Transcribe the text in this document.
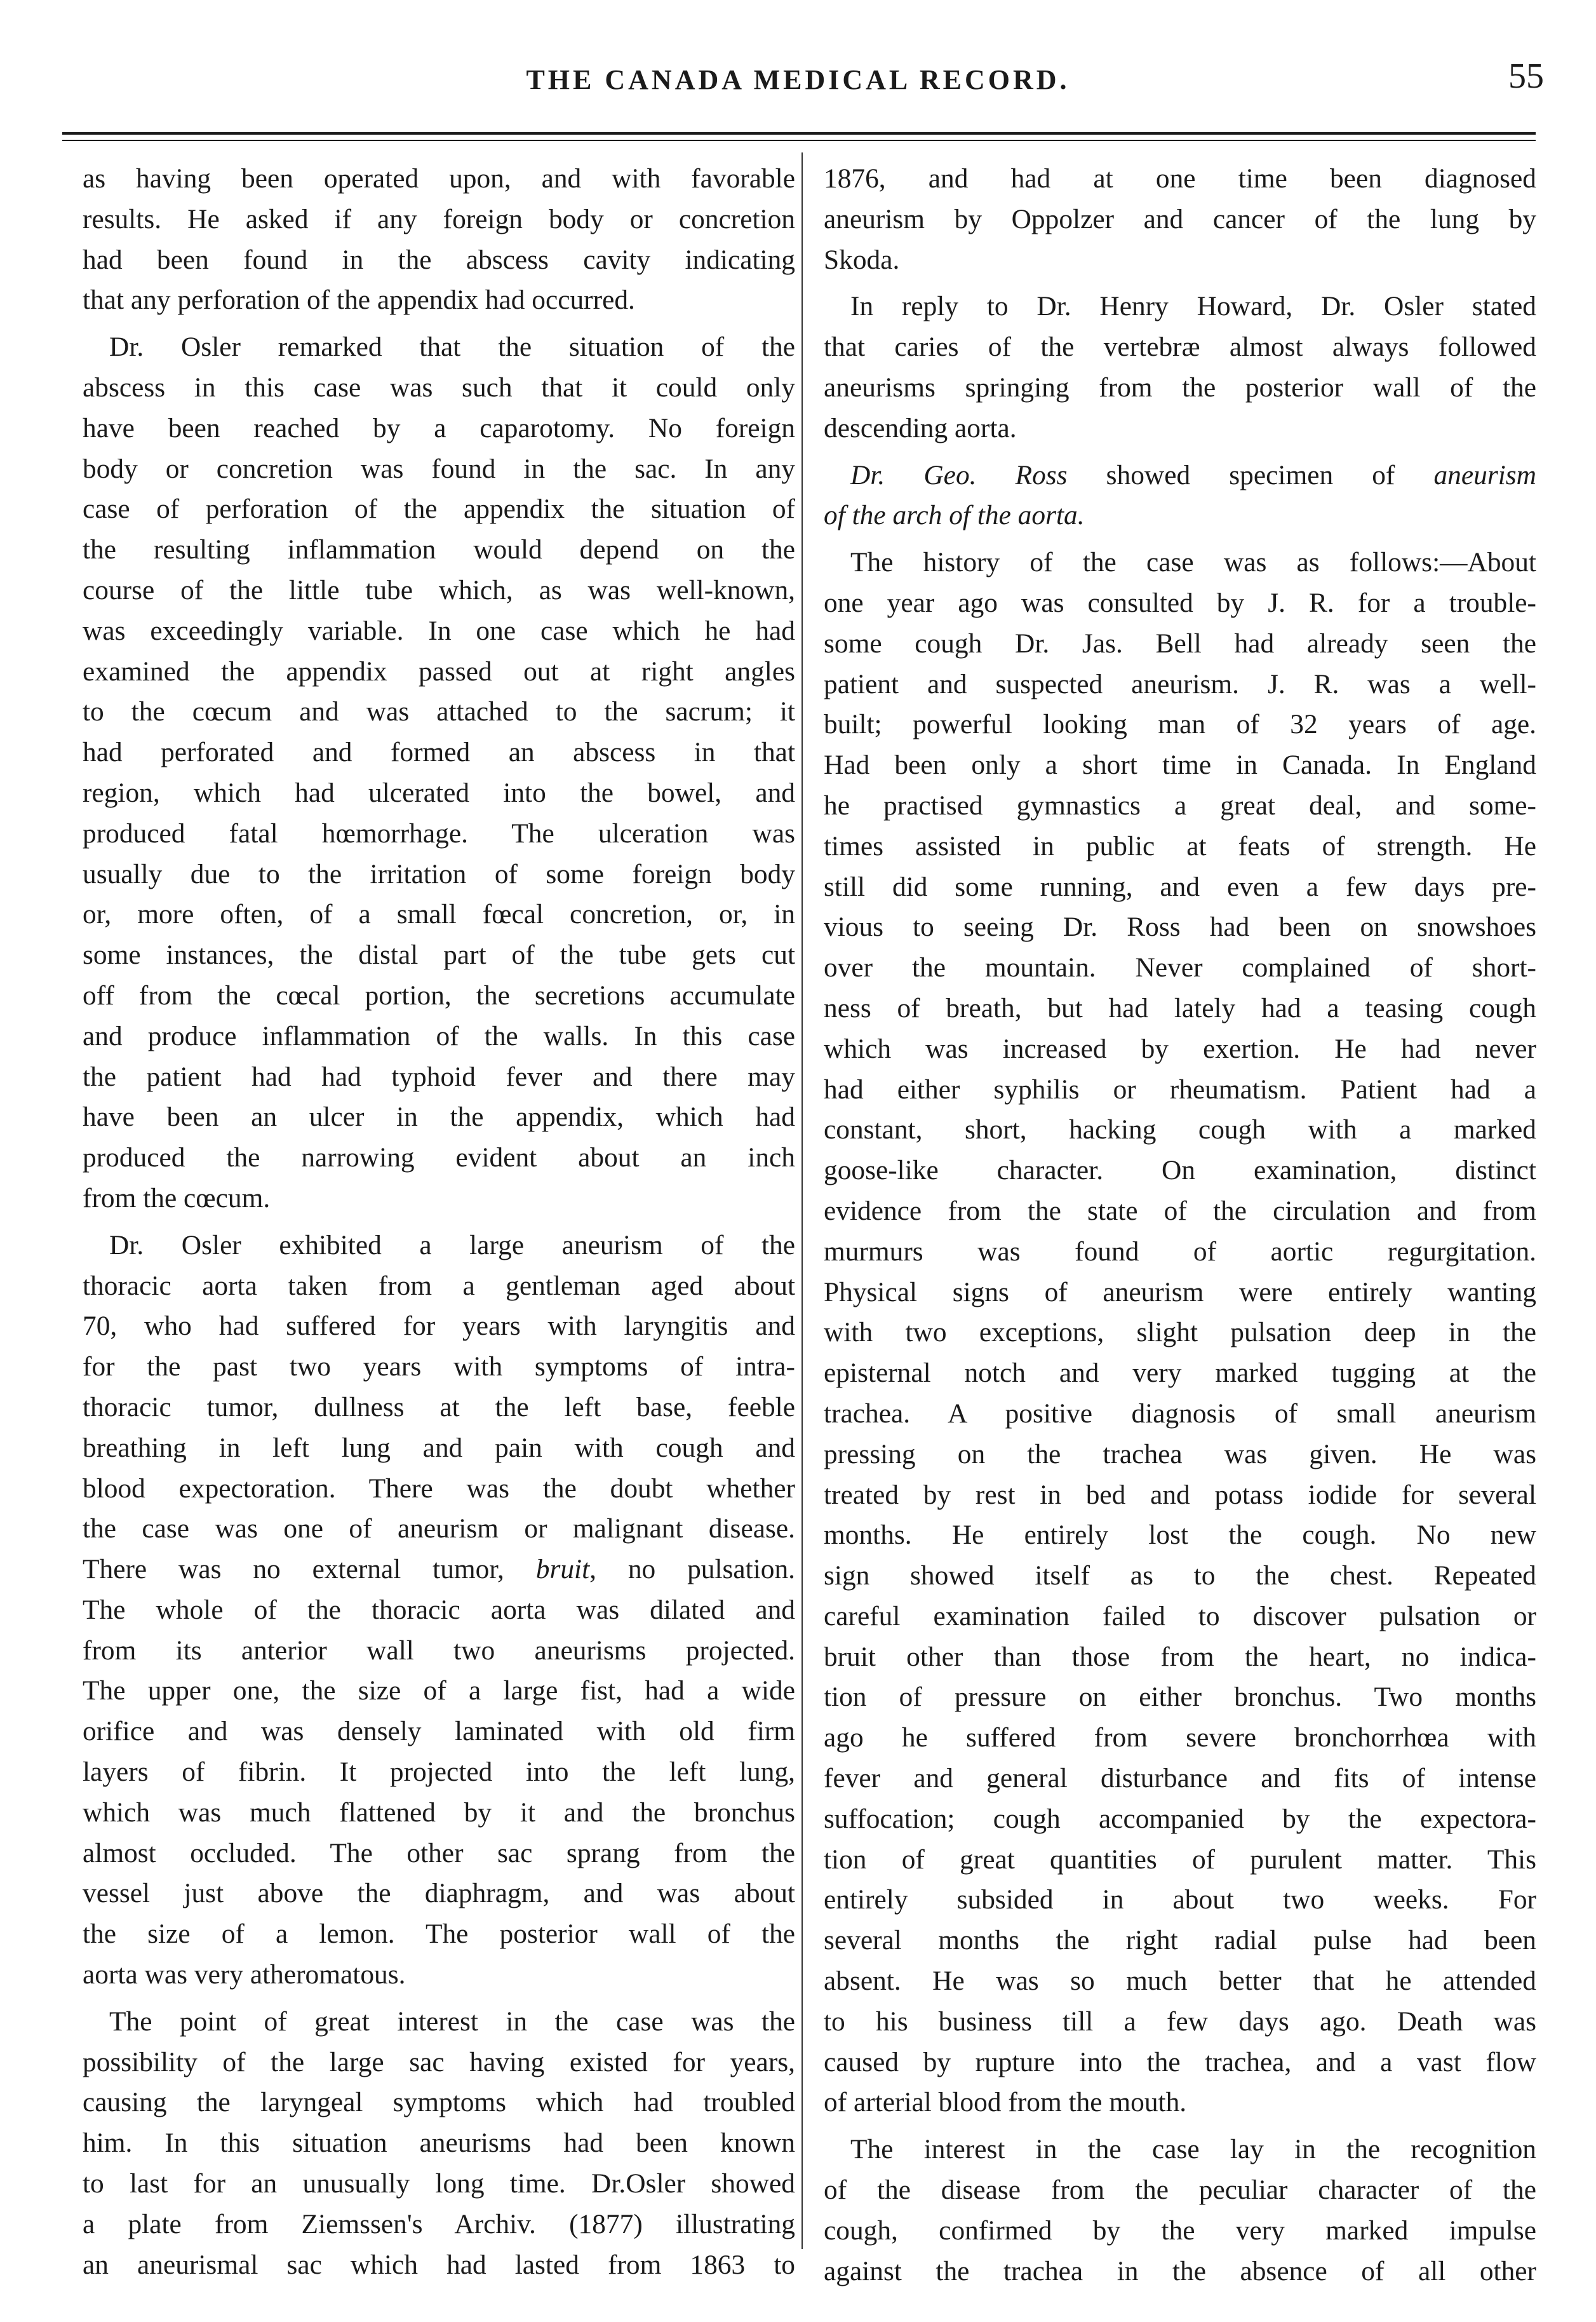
THE CANADA MEDICAL RECORD.	55
as having been operated upon, and with favorable
results. He asked if any foreign body or concretion
had been found in the abscess cavity indicating
that any perforation of the appendix had occurred.
Dr. Osler remarked that the situation of the
abscess in this case was such that it could only
have been reached by a caparotomy. No foreign
body or concretion was found in the sac. In any
case of perforation of the appendix the situation of
the resulting inflammation would depend on the
course of the little tube which, as was well-known,
was exceedingly variable. In one case which he had
examined the appendix passed out at right angles
to the cœcum and was attached to the sacrum; it
had perforated and formed an abscess in that
region, which had ulcerated into the bowel, and
produced fatal hœmorrhage. The ulceration was
usually due to the irritation of some foreign body
or, more often, of a small fœcal concretion, or, in
some instances, the distal part of the tube gets cut
off from the cœcal portion, the secretions accumulate
and produce inflammation of the walls. In this case
the patient had had typhoid fever and there may
have been an ulcer in the appendix, which had
produced the narrowing evident about an inch
from the cœcum.
Dr. Osler exhibited a large aneurism of the
thoracic aorta taken from a gentleman aged about
70, who had suffered for years with laryngitis and
for the past two years with symptoms of intra-
thoracic tumor, dullness at the left base, feeble
breathing in left lung and pain with cough and
blood expectoration. There was the doubt whether
the case was one of aneurism or malignant disease.
There was no external tumor, bruit, no pulsation.
The whole of the thoracic aorta was dilated and
from its anterior wall two aneurisms projected.
The upper one, the size of a large fist, had a wide
orifice and was densely laminated with old firm
layers of fibrin. It projected into the left lung,
which was much flattened by it and the bronchus
almost occluded. The other sac sprang from the
vessel just above the diaphragm, and was about
the size of a lemon. The posterior wall of the
aorta was very atheromatous.
The point of great interest in the case was the
possibility of the large sac having existed for years,
causing the laryngeal symptoms which had troubled
him. In this situation aneurisms had been known
to last for an unusually long time. Dr.Osler showed
a plate from Ziemssen's Archiv. (1877) illustrating
an aneurismal sac which had lasted from 1863 to
1876, and had at one time been diagnosed
aneurism by Oppolzer and cancer of the lung by
Skoda.
In reply to Dr. Henry Howard, Dr. Osler stated
that caries of the vertebræ almost always followed
aneurisms springing from the posterior wall of the
descending aorta.
Dr. Geo. Ross showed specimen of aneurism
of the arch of the aorta.
The history of the case was as follows:—About
one year ago was consulted by J. R. for a trouble-
some cough Dr. Jas. Bell had already seen the
patient and suspected aneurism. J. R. was a well-
built; powerful looking man of 32 years of age.
Had been only a short time in Canada. In England
he practised gymnastics a great deal, and some-
times assisted in public at feats of strength. He
still did some running, and even a few days pre-
vious to seeing Dr. Ross had been on snowshoes
over the mountain. Never complained of short-
ness of breath, but had lately had a teasing cough
which was increased by exertion. He had never
had either syphilis or rheumatism. Patient had a
constant, short, hacking cough with a marked
goose-like character. On examination, distinct
evidence from the state of the circulation and from
murmurs was found of aortic regurgitation.
Physical signs of aneurism were entirely wanting
with two exceptions, slight pulsation deep in the
episternal notch and very marked tugging at the
trachea. A positive diagnosis of small aneurism
pressing on the trachea was given. He was
treated by rest in bed and potass iodide for several
months. He entirely lost the cough. No new
sign showed itself as to the chest. Repeated
careful examination failed to discover pulsation or
bruit other than those from the heart, no indica-
tion of pressure on either bronchus. Two months
ago he suffered from severe bronchorrhœa with
fever and general disturbance and fits of intense
suffocation; cough accompanied by the expectora-
tion of great quantities of purulent matter. This
entirely subsided in about two weeks. For
several months the right radial pulse had been
absent. He was so much better that he attended
to his business till a few days ago. Death was
caused by rupture into the trachea, and a vast flow
of arterial blood from the mouth.
The interest in the case lay in the recognition
of the disease from the peculiar character of the
cough, confirmed by the very marked impulse
against the trachea in the absence of all other
